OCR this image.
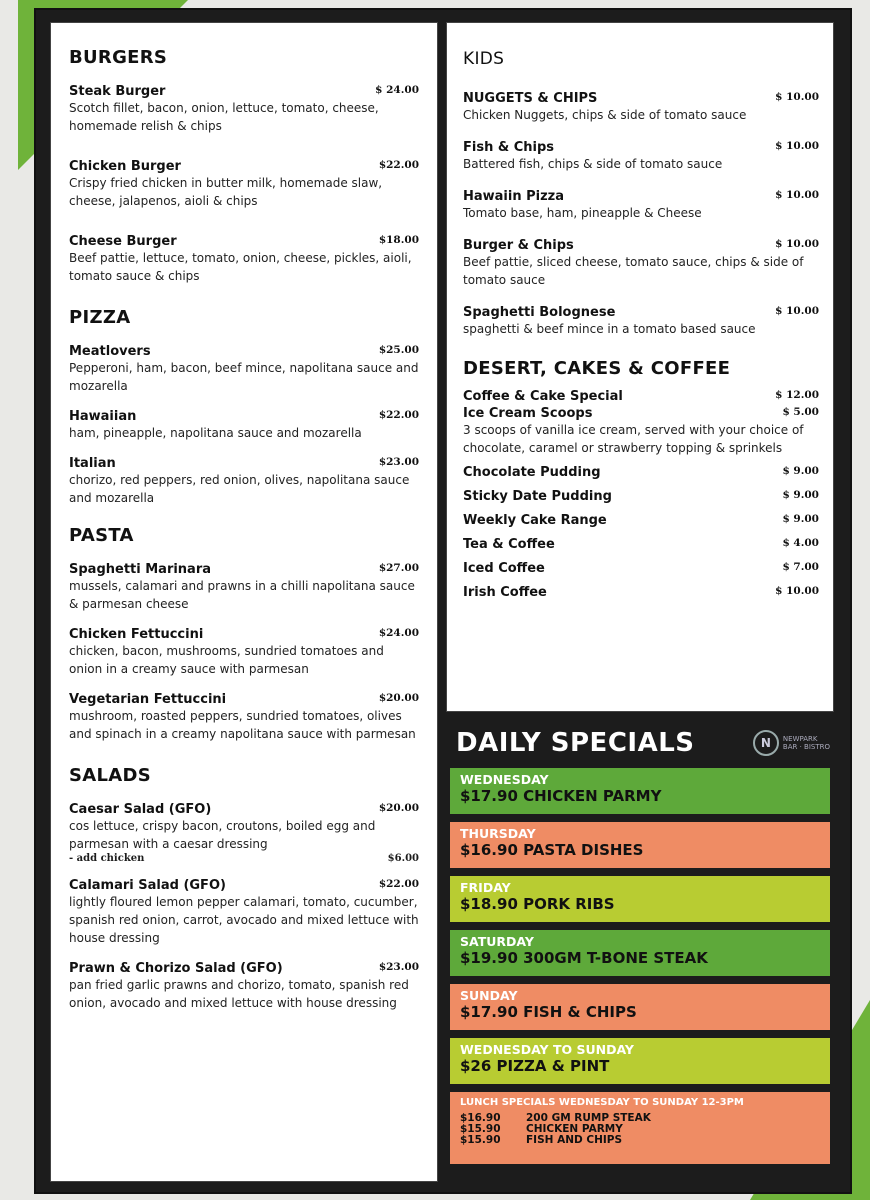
BURGERS
Steak Burger	$ 24.00
Scotch fillet, bacon, onion, lettuce, tomato, cheese, homemade relish & chips
Chicken Burger	$22.00
Crispy fried chicken in butter milk, homemade slaw, cheese, jalapenos, aioli & chips
Cheese Burger	$18.00
Beef pattie, lettuce, tomato, onion, cheese, pickles, aioli, tomato sauce & chips
PIZZA
Meatlovers	$25.00
Pepperoni, ham, bacon, beef mince, napolitana sauce and mozarella
Hawaiian	$22.00
ham, pineapple, napolitana sauce and mozarella
Italian	$23.00
chorizo, red peppers, red onion, olives, napolitana sauce and mozarella
PASTA
Spaghetti Marinara	$27.00
mussels, calamari and prawns in a chilli napolitana sauce & parmesan cheese
Chicken Fettuccini	$24.00
chicken, bacon, mushrooms, sundried tomatoes and onion in a creamy sauce with parmesan
Vegetarian Fettuccini	$20.00
mushroom, roasted peppers, sundried tomatoes, olives and spinach in a creamy napolitana sauce with parmesan
SALADS
Caesar Salad (GFO)	$20.00
cos lettuce, crispy bacon, croutons, boiled egg and parmesan with a caesar dressing
- add chicken	$6.00
Calamari Salad (GFO)	$22.00
lightly floured lemon pepper calamari, tomato, cucumber, spanish red onion, carrot, avocado and mixed lettuce with house dressing
Prawn & Chorizo Salad (GFO)	$23.00
pan fried garlic prawns and chorizo, tomato, spanish red onion, avocado and mixed lettuce with house dressing
KIDS
NUGGETS & CHIPS	$ 10.00
Chicken Nuggets, chips & side of tomato sauce
Fish & Chips	$ 10.00
Battered fish, chips & side of tomato sauce
Hawaiin Pizza	$ 10.00
Tomato base, ham, pineapple & Cheese
Burger & Chips	$ 10.00
Beef pattie, sliced cheese, tomato sauce, chips & side of tomato sauce
Spaghetti Bolognese	$ 10.00
spaghetti & beef mince in a tomato based sauce
DESERT, CAKES & COFFEE
Coffee & Cake Special	$ 12.00
Ice Cream Scoops	$ 5.00
3 scoops of vanilla ice cream, served with your choice of chocolate, caramel or strawberry topping & sprinkels
Chocolate Pudding	$ 9.00
Sticky Date Pudding	$ 9.00
Weekly Cake Range	$ 9.00
Tea & Coffee	$ 4.00
Iced Coffee	$ 7.00
Irish Coffee	$ 10.00
DAILY SPECIALS	N	NEWPARK
BAR · BISTRO
WEDNESDAY
$17.90 CHICKEN PARMY
THURSDAY
$16.90 PASTA DISHES
FRIDAY
$18.90 PORK RIBS
SATURDAY
$19.90 300GM T-BONE STEAK
SUNDAY
$17.90 FISH & CHIPS
WEDNESDAY TO SUNDAY
$26 PIZZA & PINT
LUNCH SPECIALS WEDNESDAY TO SUNDAY 12-3PM
$16.90	200 GM RUMP STEAK
$15.90	CHICKEN PARMY
$15.90	FISH AND CHIPS
